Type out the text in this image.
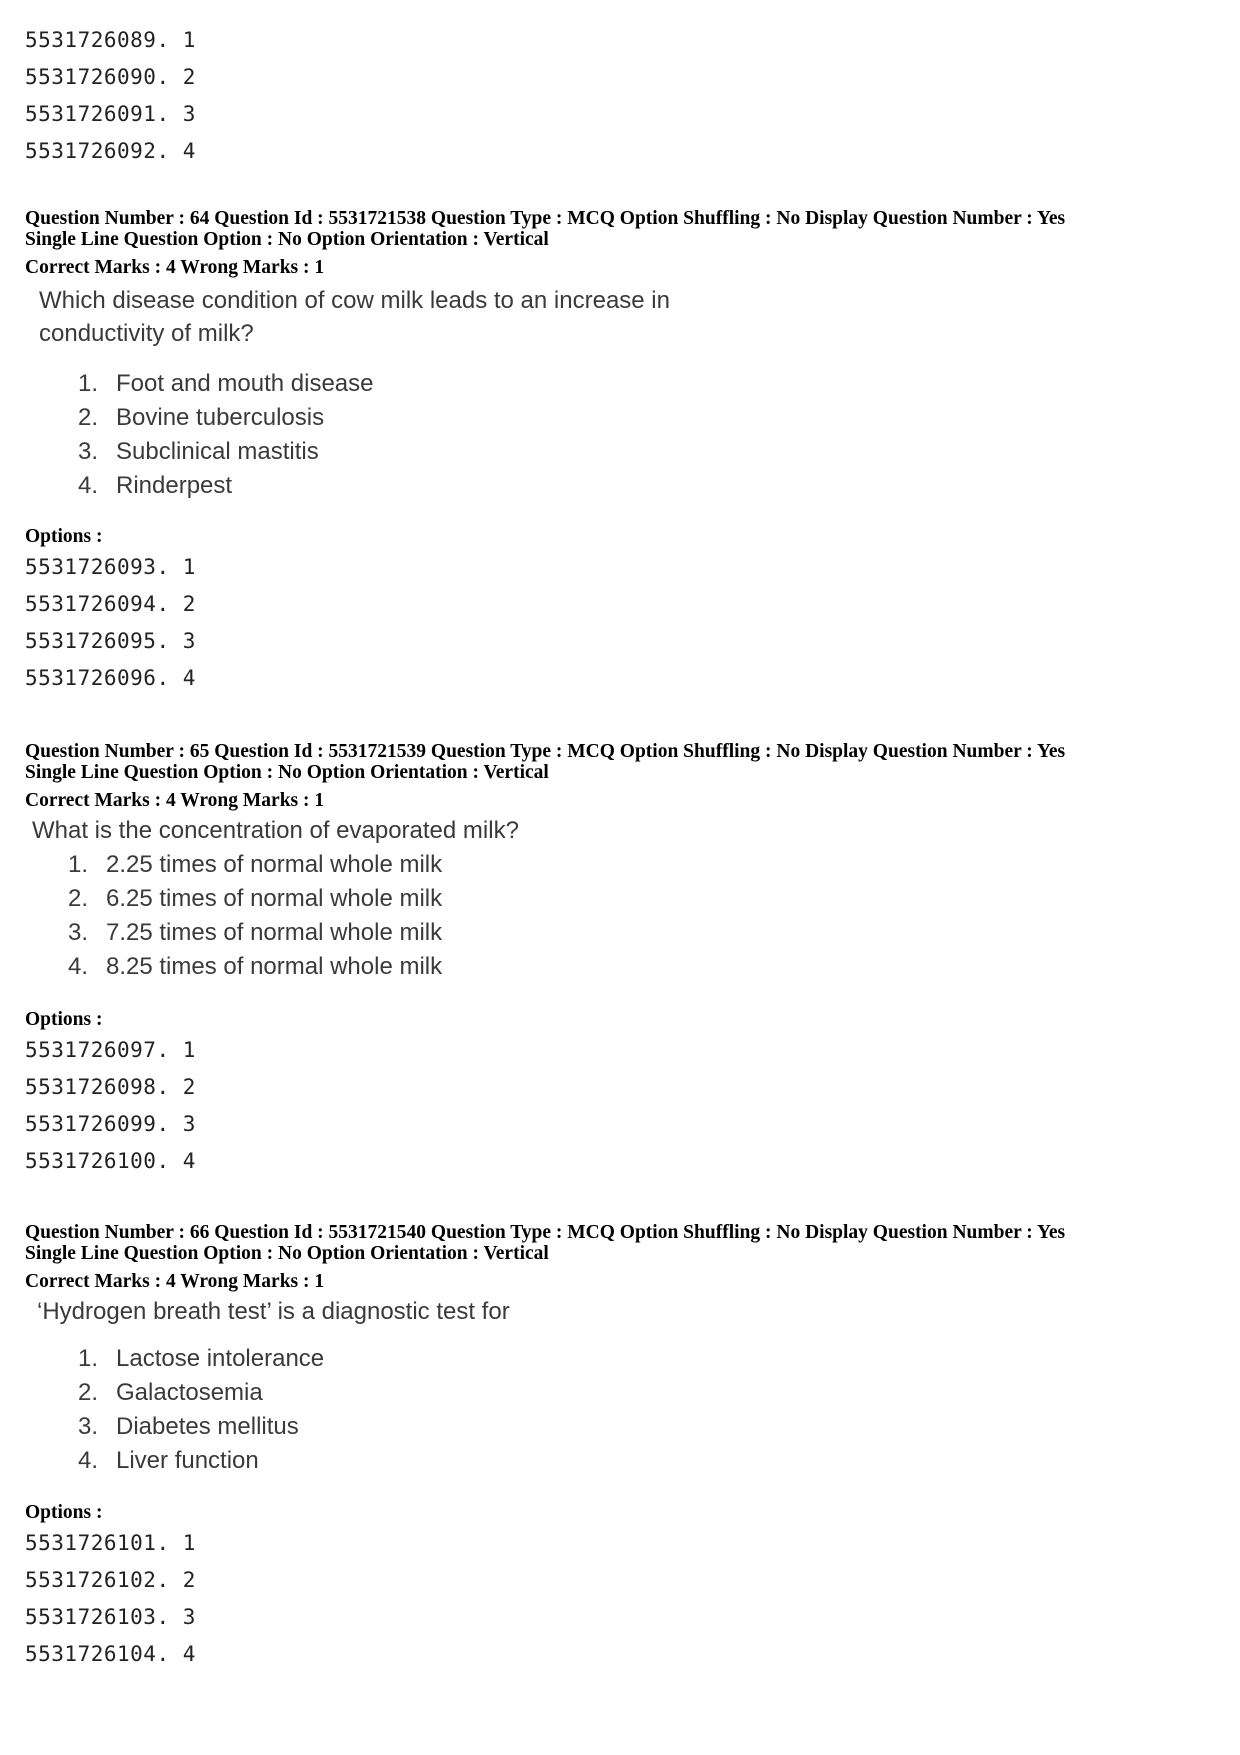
5531726089. 1
5531726090. 2
5531726091. 3
5531726092. 4
Question Number : 64 Question Id : 5531721538 Question Type : MCQ Option Shuffling : No Display Question Number : Yes
Single Line Question Option : No Option Orientation : Vertical
Correct Marks : 4 Wrong Marks : 1
Which disease condition of cow milk leads to an increase in
conductivity of milk?
1. Foot and mouth disease
2. Bovine tuberculosis
3. Subclinical mastitis
4. Rinderpest
Options :
5531726093. 1
5531726094. 2
5531726095. 3
5531726096. 4
Question Number : 65 Question Id : 5531721539 Question Type : MCQ Option Shuffling : No Display Question Number : Yes
Single Line Question Option : No Option Orientation : Vertical
Correct Marks : 4 Wrong Marks : 1
What is the concentration of evaporated milk?
1. 2.25 times of normal whole milk
2. 6.25 times of normal whole milk
3. 7.25 times of normal whole milk
4. 8.25 times of normal whole milk
Options :
5531726097. 1
5531726098. 2
5531726099. 3
5531726100. 4
Question Number : 66 Question Id : 5531721540 Question Type : MCQ Option Shuffling : No Display Question Number : Yes
Single Line Question Option : No Option Orientation : Vertical
Correct Marks : 4 Wrong Marks : 1
‘Hydrogen breath test’ is a diagnostic test for
1. Lactose intolerance
2. Galactosemia
3. Diabetes mellitus
4. Liver function
Options :
5531726101. 1
5531726102. 2
5531726103. 3
5531726104. 4
